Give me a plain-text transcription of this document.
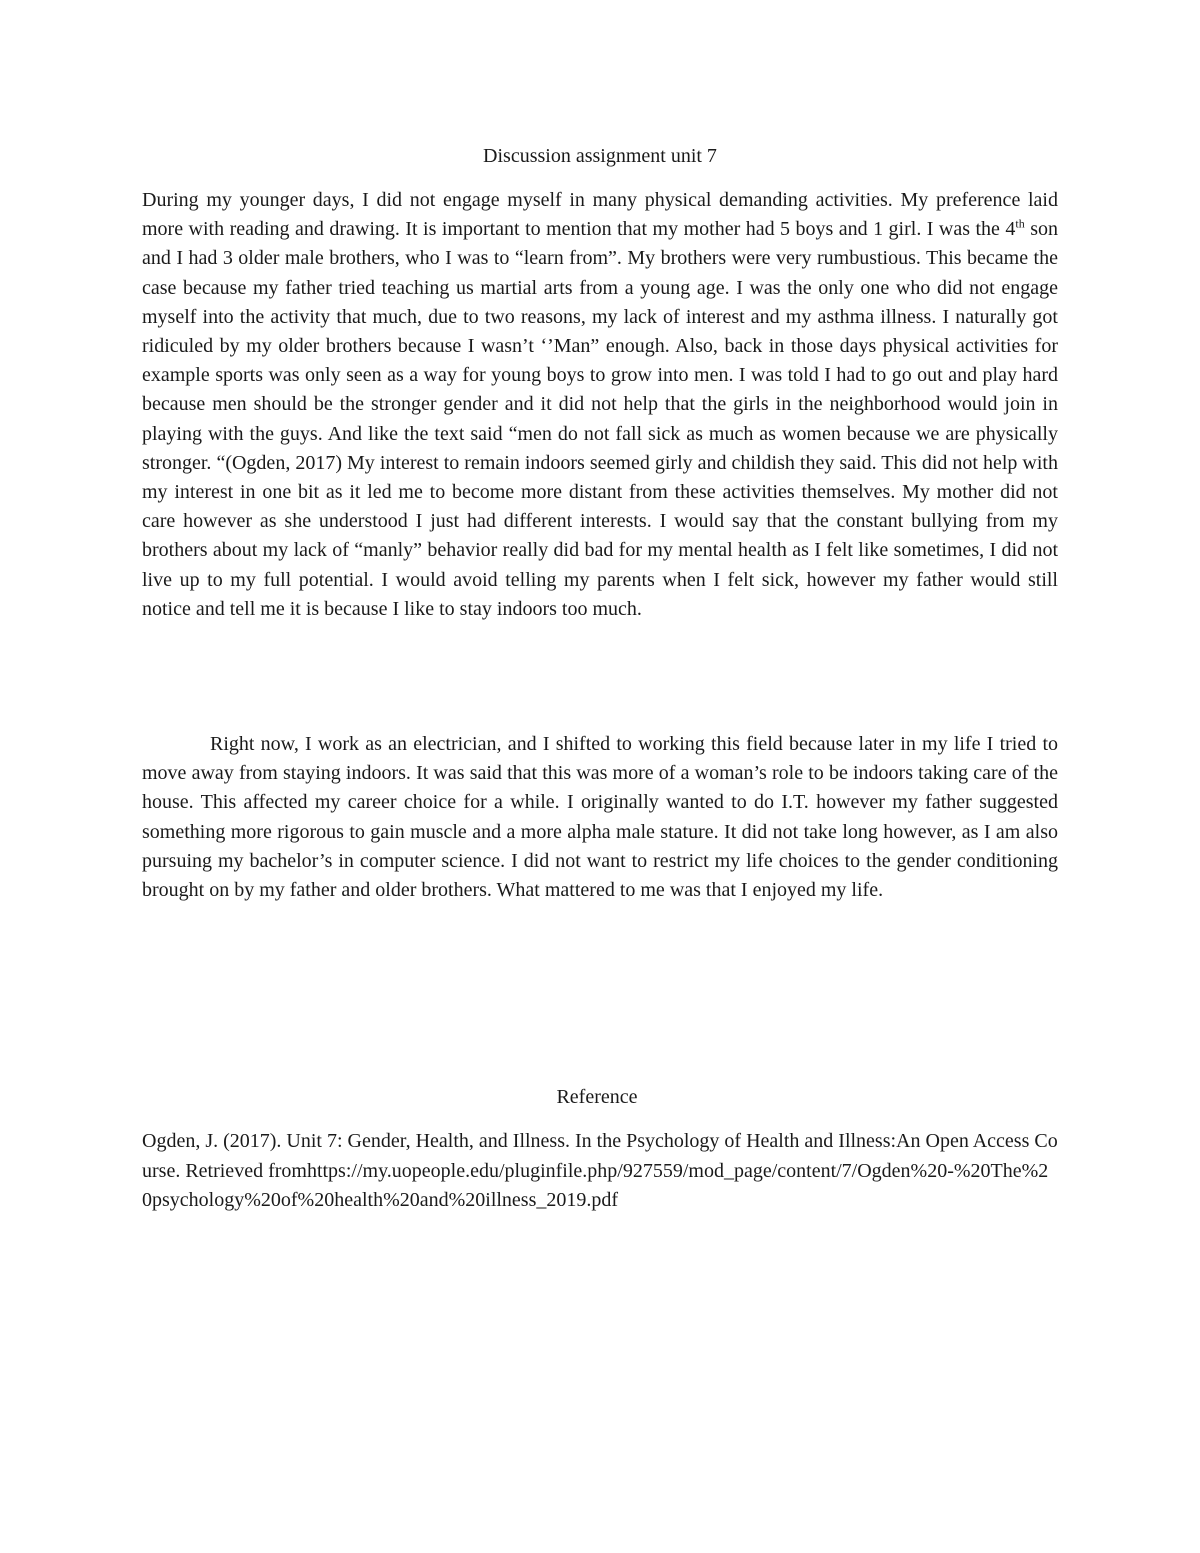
Discussion assignment unit 7

During my younger days, I did not engage myself in many physical demanding activities. My preference laid more with reading and drawing. It is important to mention that my mother had 5 boys and 1 girl. I was the 4th son and I had 3 older male brothers, who I was to “learn from”. My brothers were very rumbustious. This became the case because my father tried teaching us martial arts from a young age. I was the only one who did not engage myself into the activity that much, due to two reasons, my lack of interest and my asthma illness. I naturally got ridiculed by my older brothers because I wasn’t ‘’Man” enough. Also, back in those days physical activities for example sports was only seen as a way for young boys to grow into men. I was told I had to go out and play hard because men should be the stronger gender and it did not help that the girls in the neighborhood would join in playing with the guys. And like the text said “men do not fall sick as much as women because we are physically stronger. “(Ogden, 2017) My interest to remain indoors seemed girly and childish they said. This did not help with my interest in one bit as it led me to become more distant from these activities themselves. My mother did not care however as she understood I just had different interests. I would say that the constant bullying from my brothers about my lack of “manly” behavior really did bad for my mental health as I felt like sometimes, I did not live up to my full potential. I would avoid telling my parents when I felt sick, however my father would still notice and tell me it is because I like to stay indoors too much.

Right now, I work as an electrician, and I shifted to working this field because later in my life I tried to move away from staying indoors. It was said that this was more of a woman’s role to be indoors taking care of the house. This affected my career choice for a while. I originally wanted to do I.T. however my father suggested something more rigorous to gain muscle and a more alpha male stature. It did not take long however, as I am also pursuing my bachelor’s in computer science. I did not want to restrict my life choices to the gender conditioning brought on by my father and older brothers. What mattered to me was that I enjoyed my life.

Reference

Ogden, J. (2017). Unit 7: Gender, Health, and Illness. In the Psychology of Health and Illness:An Open Access Course. Retrieved fromhttps://my.uopeople.edu/pluginfile.php/927559/mod_page/content/7/Ogden%20-%20The%20psychology%20of%20health%20and%20illness_2019.pdf
